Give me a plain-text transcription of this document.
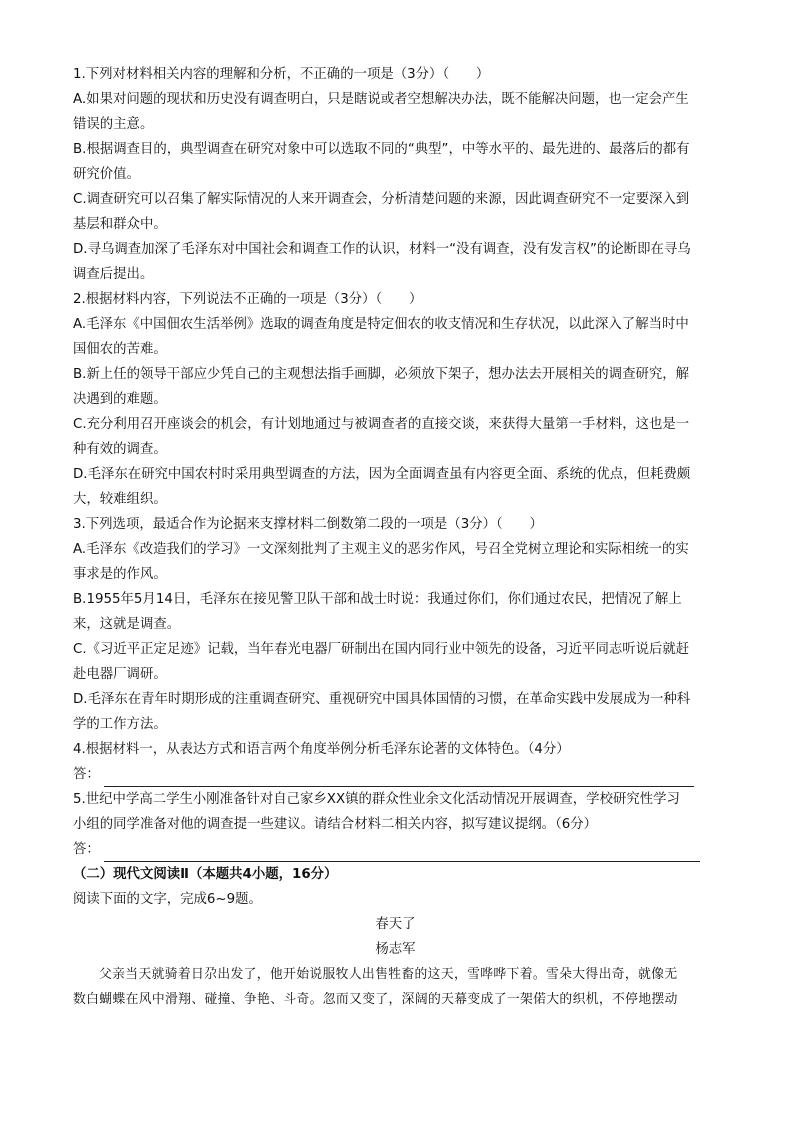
1.下列对材料相关内容的理解和分析，不正确的一项是（3分）（　　）
A.如果对问题的现状和历史没有调查明白，只是瞎说或者空想解决办法，既不能解决问题，也一定会产生
错误的主意。
B.根据调查目的，典型调查在研究对象中可以选取不同的“典型”，中等水平的、最先进的、最落后的都有
研究价值。
C.调查研究可以召集了解实际情况的人来开调查会，分析清楚问题的来源，因此调查研究不一定要深入到
基层和群众中。
D.寻乌调查加深了毛泽东对中国社会和调查工作的认识，材料一“没有调查，没有发言权”的论断即在寻乌
调查后提出。
2.根据材料内容，下列说法不正确的一项是（3分）（　　）
A.毛泽东《中国佃农生活举例》选取的调查角度是特定佃农的收支情况和生存状况，以此深入了解当时中
国佃农的苦难。
B.新上任的领导干部应少凭自己的主观想法指手画脚，必须放下架子，想办法去开展相关的调查研究，解
决遇到的难题。
C.充分利用召开座谈会的机会，有计划地通过与被调查者的直接交谈，来获得大量第一手材料，这也是一
种有效的调查。
D.毛泽东在研究中国农村时采用典型调查的方法，因为全面调查虽有内容更全面、系统的优点，但耗费颇
大，较难组织。
3.下列选项，最适合作为论据来支撑材料二倒数第二段的一项是（3分）（　　）
A.毛泽东《改造我们的学习》一文深刻批判了主观主义的恶劣作风，号召全党树立理论和实际相统一的实
事求是的作风。
B.1955年5月14日，毛泽东在接见警卫队干部和战士时说：我通过你们，你们通过农民，把情况了解上
来，这就是调查。
C.《习近平正定足迹》记载，当年春光电器厂研制出在国内同行业中领先的设备，习近平同志听说后就赶
赴电器厂调研。
D.毛泽东在青年时期形成的注重调查研究、重视研究中国具体国情的习惯，在革命实践中发展成为一种科
学的工作方法。
4.根据材料一，从表达方式和语言两个角度举例分析毛泽东论著的文体特色。（4分）
答：
5.世纪中学高二学生小刚准备针对自己家乡XX镇的群众性业余文化活动情况开展调查，学校研究性学习
小组的同学准备对他的调查提一些建议。请结合材料二相关内容，拟写建议提纲。（6分）
答：
（二）现代文阅读Ⅱ（本题共4小题，16分）
阅读下面的文字，完成6~9题。
春天了
杨志军
父亲当天就骑着日尕出发了，他开始说服牧人出售牲畜的这天，雪哗哗下着。雪朵大得出奇，就像无
数白蝴蝶在风中滑翔、碰撞、争艳、斗奇。忽而又变了，深阔的天幕变成了一架偌大的织机，不停地摆动
